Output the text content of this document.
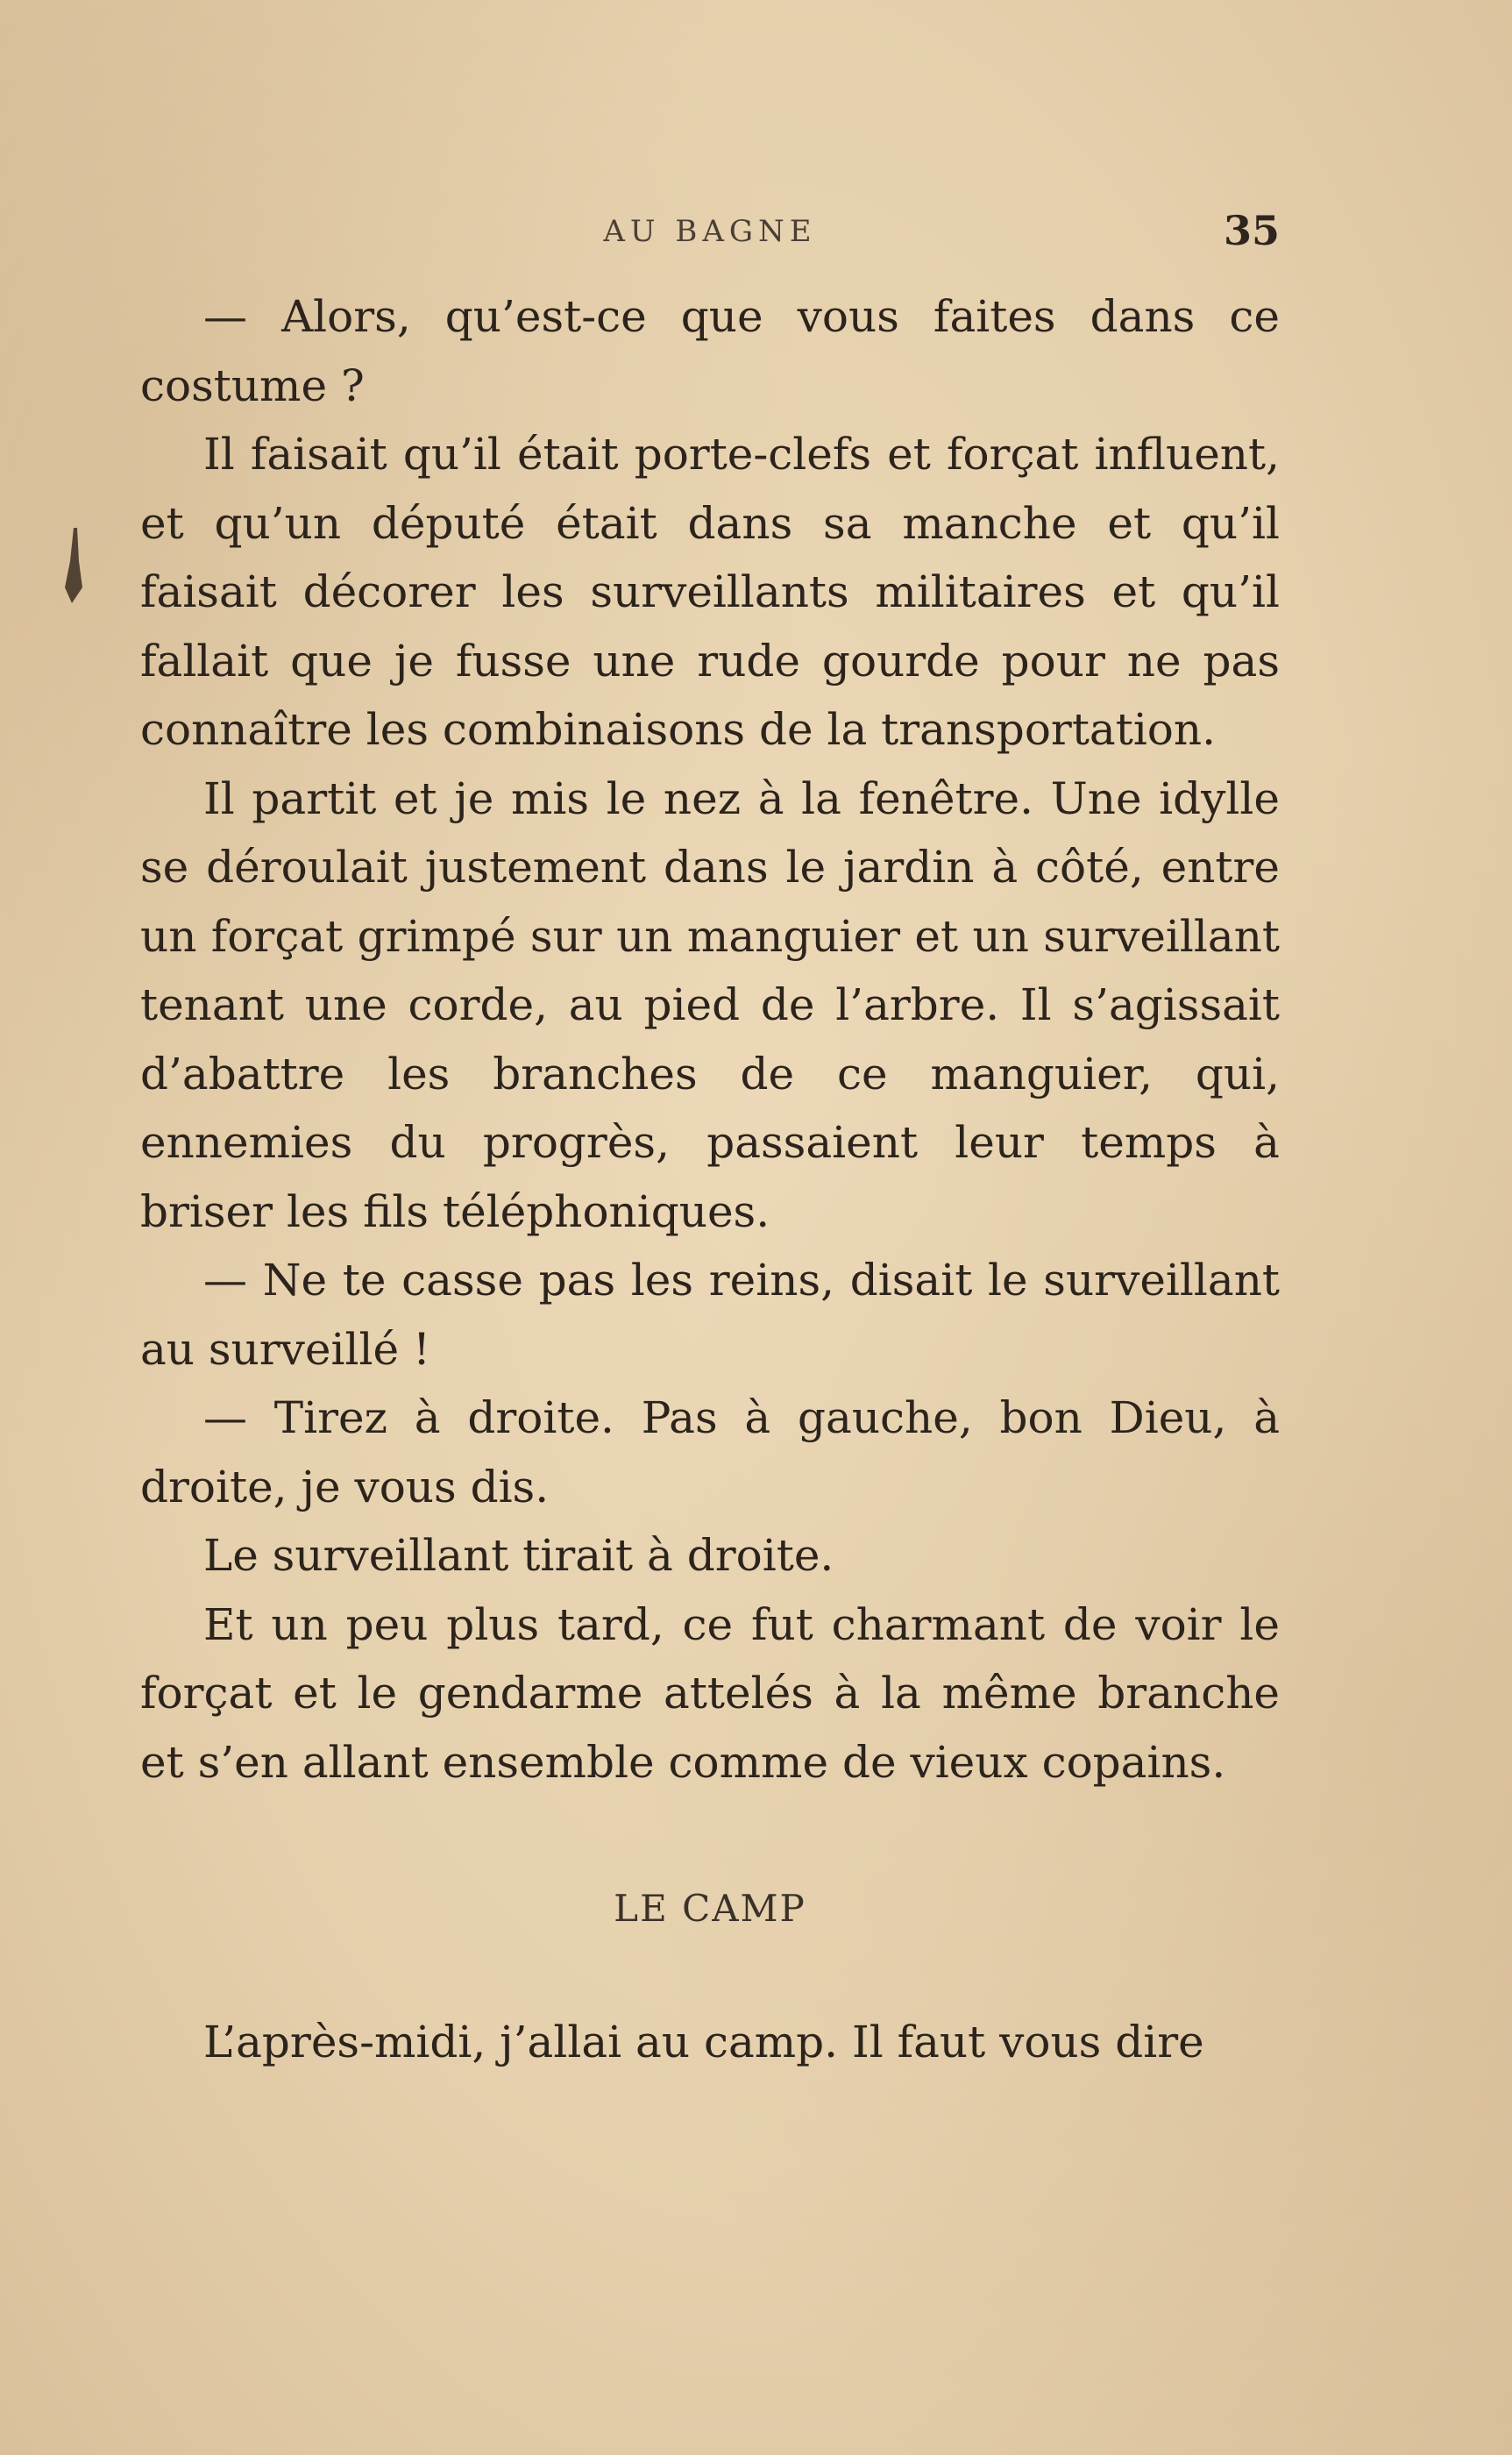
AU BAGNE	35

— Alors, qu’est-ce que vous faites dans ce costume ?

Il faisait qu’il était porte-clefs et forçat influent, et qu’un député était dans sa manche et qu’il faisait décorer les surveillants militaires et qu’il fallait que je fusse une rude gourde pour ne pas connaître les combinaisons de la transportation.

Il partit et je mis le nez à la fenêtre. Une idylle se déroulait justement dans le jardin à côté, entre un forçat grimpé sur un manguier et un surveillant tenant une corde, au pied de l’arbre. Il s’agissait d’abattre les branches de ce manguier, qui, ennemies du progrès, passaient leur temps à briser les fils téléphoniques.

— Ne te casse pas les reins, disait le surveillant au surveillé !

— Tirez à droite. Pas à gauche, bon Dieu, à droite, je vous dis.

Le surveillant tirait à droite.

Et un peu plus tard, ce fut charmant de voir le forçat et le gendarme attelés à la même branche et s’en allant ensemble comme de vieux copains.

LE CAMP

L’après-midi, j’allai au camp. Il faut vous dire
